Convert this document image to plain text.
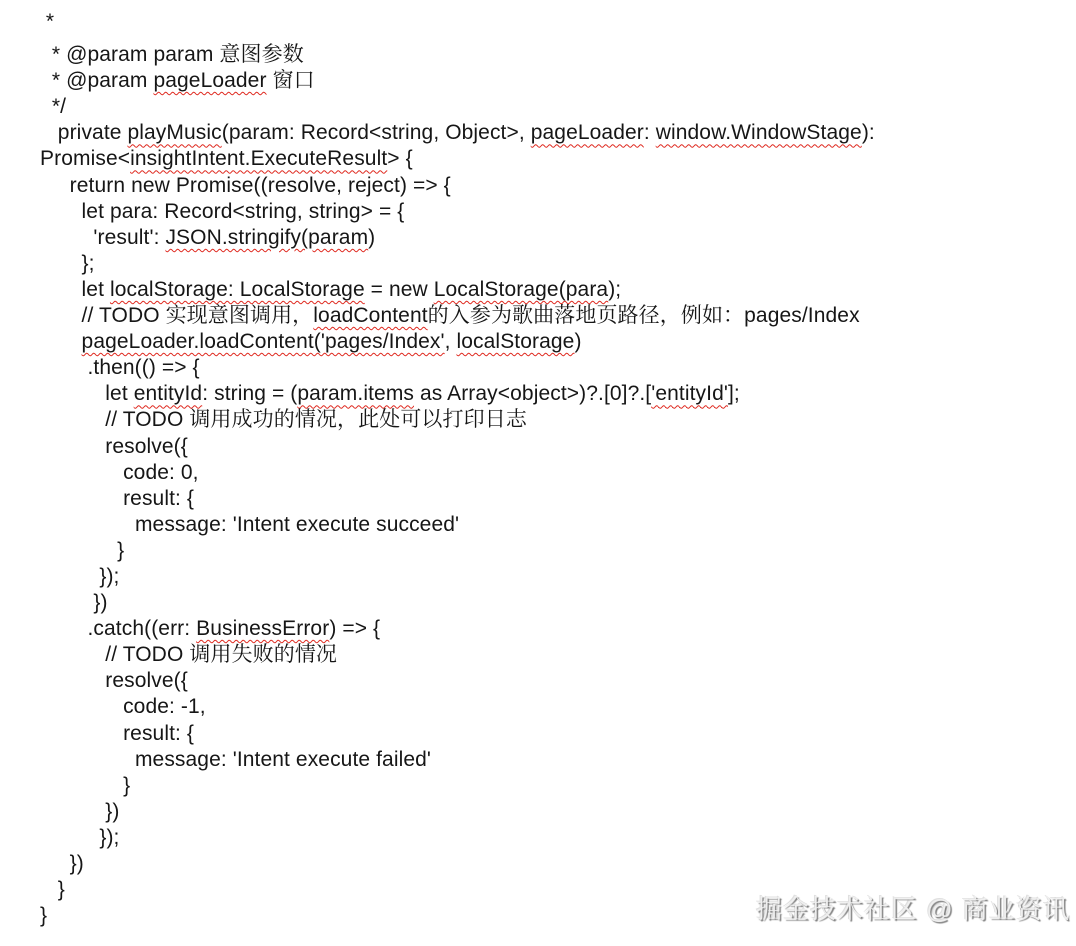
*
* @param param 意图参数
* @param pageLoader 窗口
*/
private playMusic(param: Record<string, Object>, pageLoader: window.WindowStage):
Promise<insightIntent.ExecuteResult> {
return new Promise((resolve, reject) => {
let para: Record<string, string> = {
'result': JSON.stringify(param)
};
let localStorage: LocalStorage = new LocalStorage(para);
// TODO 实现意图调用，loadContent的入参为歌曲落地页路径，例如：pages/Index
pageLoader.loadContent('pages/Index', localStorage)
.then(() => {
let entityId: string = (param.items as Array<object>)?.[0]?.['entityId'];
// TODO 调用成功的情况，此处可以打印日志
resolve({
code: 0,
result: {
message: 'Intent execute succeed'
}
});
})
.catch((err: BusinessError) => {
// TODO 调用失败的情况
resolve({
code: -1,
result: {
message: 'Intent execute failed'
}
})
});
})
}
}	掘金技术社区 @ 商业资讯
